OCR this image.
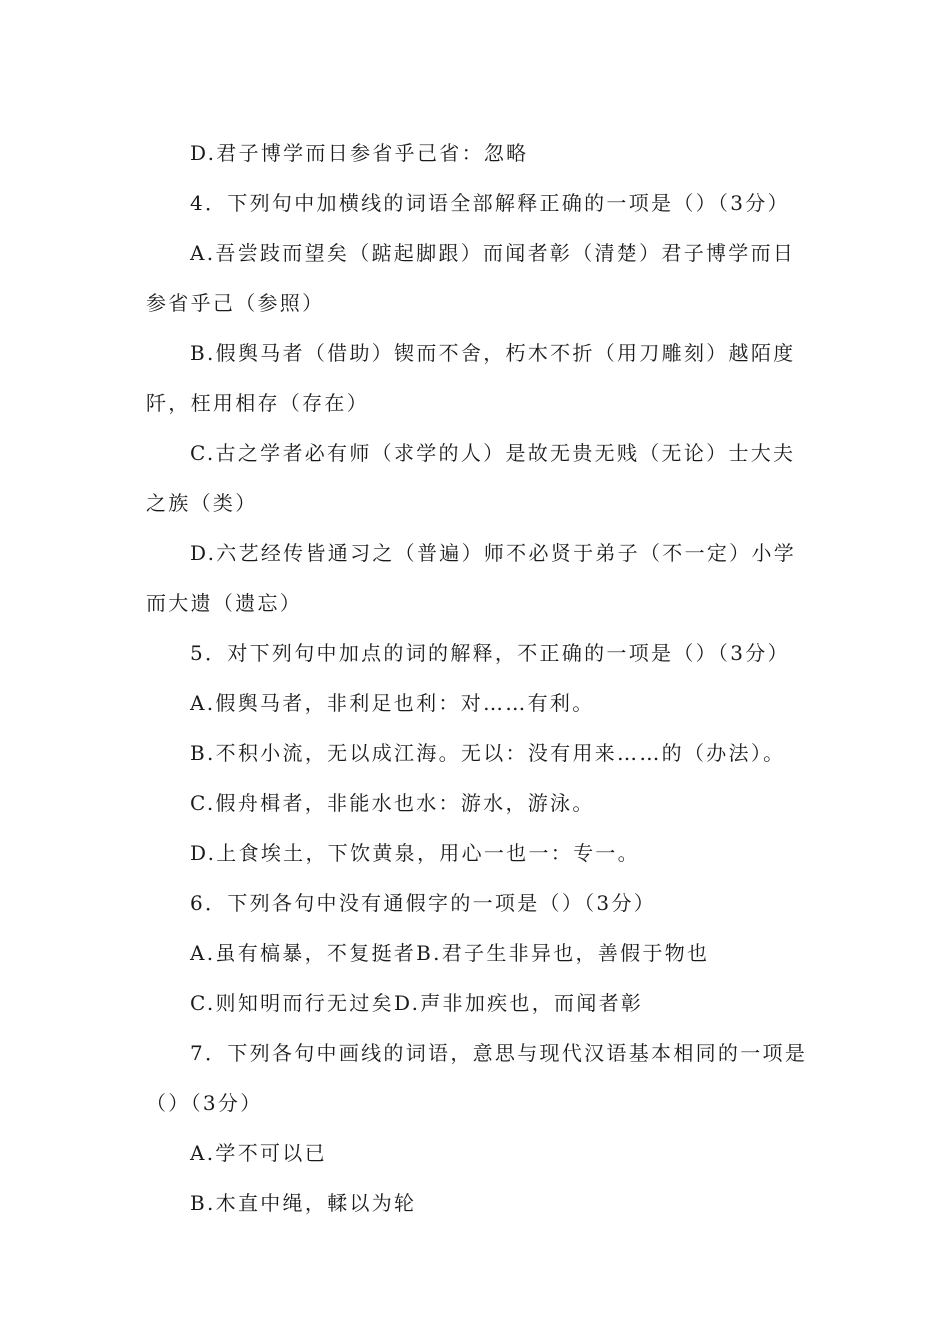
D.君子博学而日参省乎己省：忽略
4．下列句中加横线的词语全部解释正确的一项是（）（3分）
A.吾尝跂而望矣（踮起脚跟）而闻者彰（清楚）君子博学而日
参省乎己（参照）
B.假舆马者（借助）锲而不舍，朽木不折（用刀雕刻）越陌度
阡，枉用相存（存在）
C.古之学者必有师（求学的人）是故无贵无贱（无论）士大夫
之族（类）
D.六艺经传皆通习之（普遍）师不必贤于弟子（不一定）小学
而大遗（遗忘）
5．对下列句中加点的词的解释，不正确的一项是（）（3分）
A.假舆马者，非利足也利：对……有利。
B.不积小流，无以成江海。无以：没有用来……的（办法）。
C.假舟楫者，非能水也水：游水，游泳。
D.上食埃土，下饮黄泉，用心一也一：专一。
6．下列各句中没有通假字的一项是（）（3分）
A.虽有槁暴，不复挺者B.君子生非异也，善假于物也
C.则知明而行无过矣D.声非加疾也，而闻者彰
7．下列各句中画线的词语，意思与现代汉语基本相同的一项是
（）（3分）
A.学不可以已
B.木直中绳，輮以为轮
